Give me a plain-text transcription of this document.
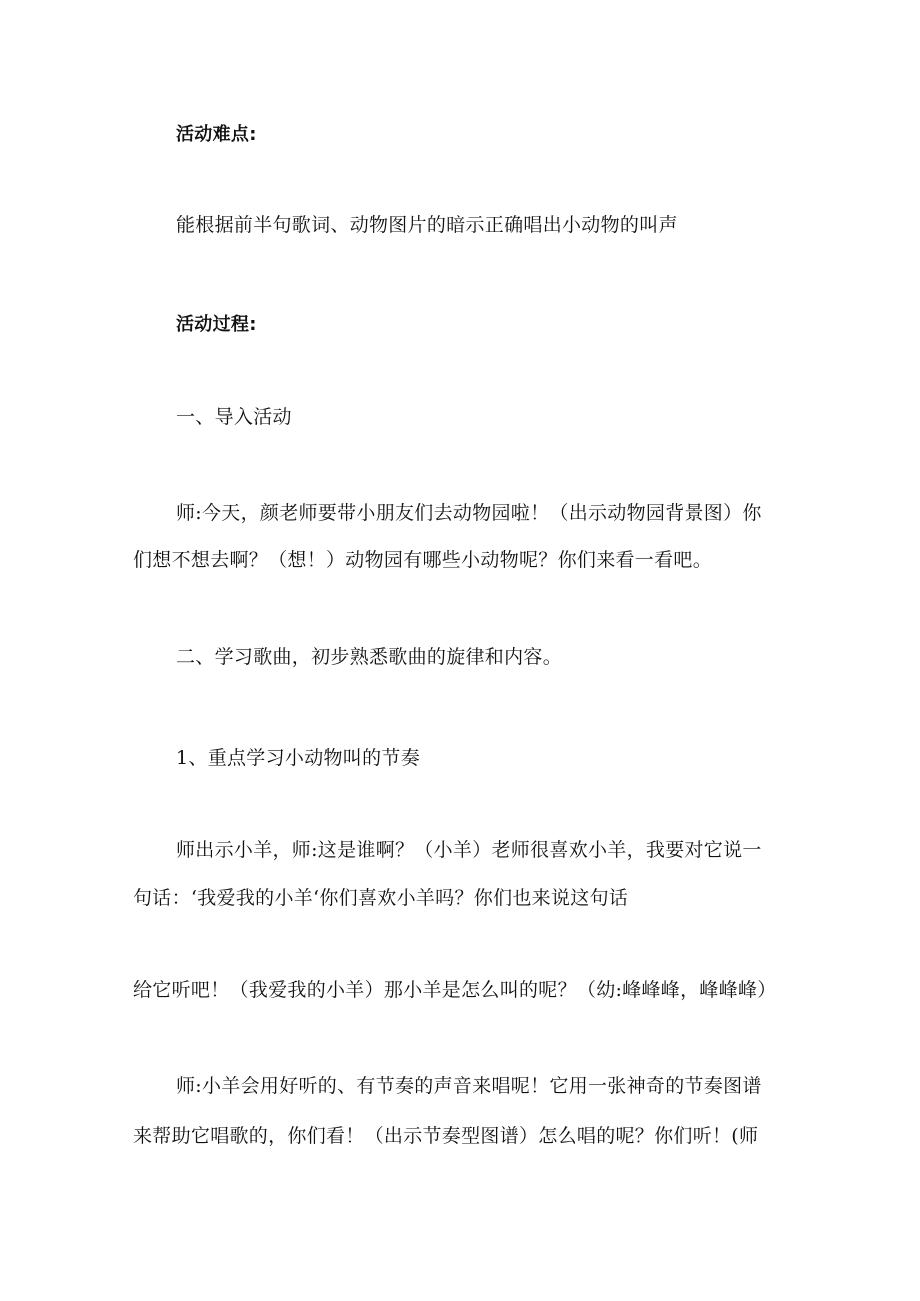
活动难点:
能根据前半句歌词、动物图片的暗示正确唱出小动物的叫声
活动过程:
一、导入活动
师:今天，颜老师要带小朋友们去动物园啦！（出示动物园背景图）你
们想不想去啊？（想！）动物园有哪些小动物呢？你们来看一看吧。
二、学习歌曲，初步熟悉歌曲的旋律和内容。
1、重点学习小动物叫的节奏
师出示小羊，师:这是谁啊？（小羊）老师很喜欢小羊，我要对它说一
句话：‘我爱我的小羊‘你们喜欢小羊吗？你们也来说这句话
给它听吧！（我爱我的小羊）那小羊是怎么叫的呢？（幼:峰峰峰，峰峰峰）
师:小羊会用好听的、有节奏的声音来唱呢！它用一张神奇的节奏图谱
来帮助它唱歌的，你们看！（出示节奏型图谱）怎么唱的呢？你们听！(师
